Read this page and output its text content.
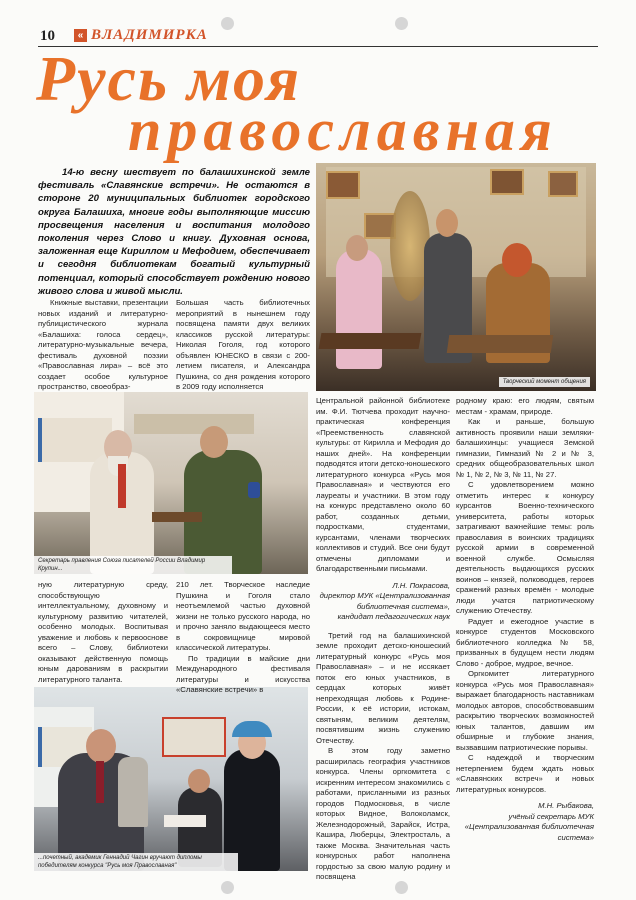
10	« ВЛАДИМИРКА
Русь моя
православная

14-ю весну шествует по балашихинской земле фестиваль «Славянские встречи». Не остаются в стороне 20 муниципальных библиотек городского округа Балашиха, многие годы выполняющие миссию просвещения населения и воспитания молодого поколения через Слово и книгу. Духовная основа, заложенная еще Кириллом и Мефодием, обеспечивает и сегодня библиотекам богатый культурный потенциал, который способствует рождению нового живого слова и живой мысли.

Творческий момент общения
Секретарь правления Союза писателей России Владимир Крупин...
...почетный, академик Геннадий Чагин вручают дипломы победителям конкурса "Русь моя Православная"

Книжные выставки, презентации новых изданий и литературно-публицистического журнала «Балашиха: голоса сердец», литературно-музыкальные вечера, фестиваль духовной поэзии «Православная лира» – всё это создает особое культурное пространство, своеобраз-

Большая часть библиотечных мероприятий в нынешнем году посвящена памяти двух великих классиков русской литературы: Николая Гоголя, год которого объявлен ЮНЕСКО в связи с 200-летием писателя, и Александра Пушкина, со дня рождения которого в 2009 году исполняется

ную литературную среду, способствующую интеллектуальному, духовному и культурному развитию читателей, особенно молодых. Воспитывая уважение и любовь к первоосновe всего – Слову, библиотеки оказывают действенную помощь юным дарованиям в раскрытии литературного таланта.

210 лет. Творческое наследие Пушкина и Гоголя стало неотъемлемой частью духовной жизни не только русского народа, но и прочно заняло выдающееся место в сокровищнице мировой классической литературы.

По традиции в майские дни Международного фестиваля литературы и искусства «Славянские встречи» в

Центральной районной библиотеке им. Ф.И. Тютчева проходит научно-практическая конференция «Преемственность славянской культуры: от Кирилла и Мефодия до наших дней». На конференции подводятся итоги детско-юношеского литературного конкурса «Русь моя Православная» и чествуются его лауреаты и участники. В этом году на конкурс представлено около 60 работ, созданных детьми, подростками, студентами, курсантами, членами творческих коллективов и студий. Все они будут отмечены дипломами и благодарственными письмами.

Л.Н. Покрасова,

директор МУК «Централизованная библиотечная система»,

кандидат педагогических наук

Третий год на балашихинской земле проходит детско-юношеский литературный конкурс «Русь моя Православная» – и не иссякает поток его юных участников, в сердцах которых живёт непреходящая любовь к Родине-России, к её истории, истокам, святыням, великим деятелям, посвятившим жизнь служению Отечеству.

В этом году заметно расширилась география участников конкурса. Члены оргкомитета с искренним интересом знакомились с работами, присланными из разных городов Подмосковья, в числе которых Видное, Волоколамск, Железнодорожный, Зарайск, Истра, Кашира, Люберцы, Электросталь, а также Москва. Значительная часть конкурсных работ наполнена гордостью за свою малую родину и посвящена

родному краю: его людям, святым местам - храмам, природе.

Как и раньше, большую активность проявили наши земляки-балашихинцы: учащиеся Земской гимназии, Гимназий № 2 и № 3, средних общеобразовательных школ № 1, № 2, № 3, № 11, № 27.

С удовлетворением можно отметить интерес к конкурсу курсантов Военно-технического университета, работы которых затрагивают важнейшие темы: роль православия в воинских традициях русской армии в современной военной службе. Осмысляя деятельность выдающихся русских воинов – князей, полководцев, героев сражений разных времён - молодые люди учатся патриотическому служению Отечеству.

Радует и ежегодное участие в конкурсе студентов Московского библиотечного колледжа № 58, призванных в будущем нести людям Слово - доброе, мудрое, вечное.

Оргкомитет литературного конкурса «Русь моя Православная» выражает благодарность наставникам молодых авторов, способствовавшим раскрытию творческих возможностей юных талантов, давшим им обширные и глубокие знания, вызвавшим патриотические порывы.

С надеждой и творческим нетерпением будем ждать новых «Славянских встреч» и новых литературных конкурсов.

М.Н. Рыбакова,

учёный секретарь МУК «Централизованная библиотечная система»
